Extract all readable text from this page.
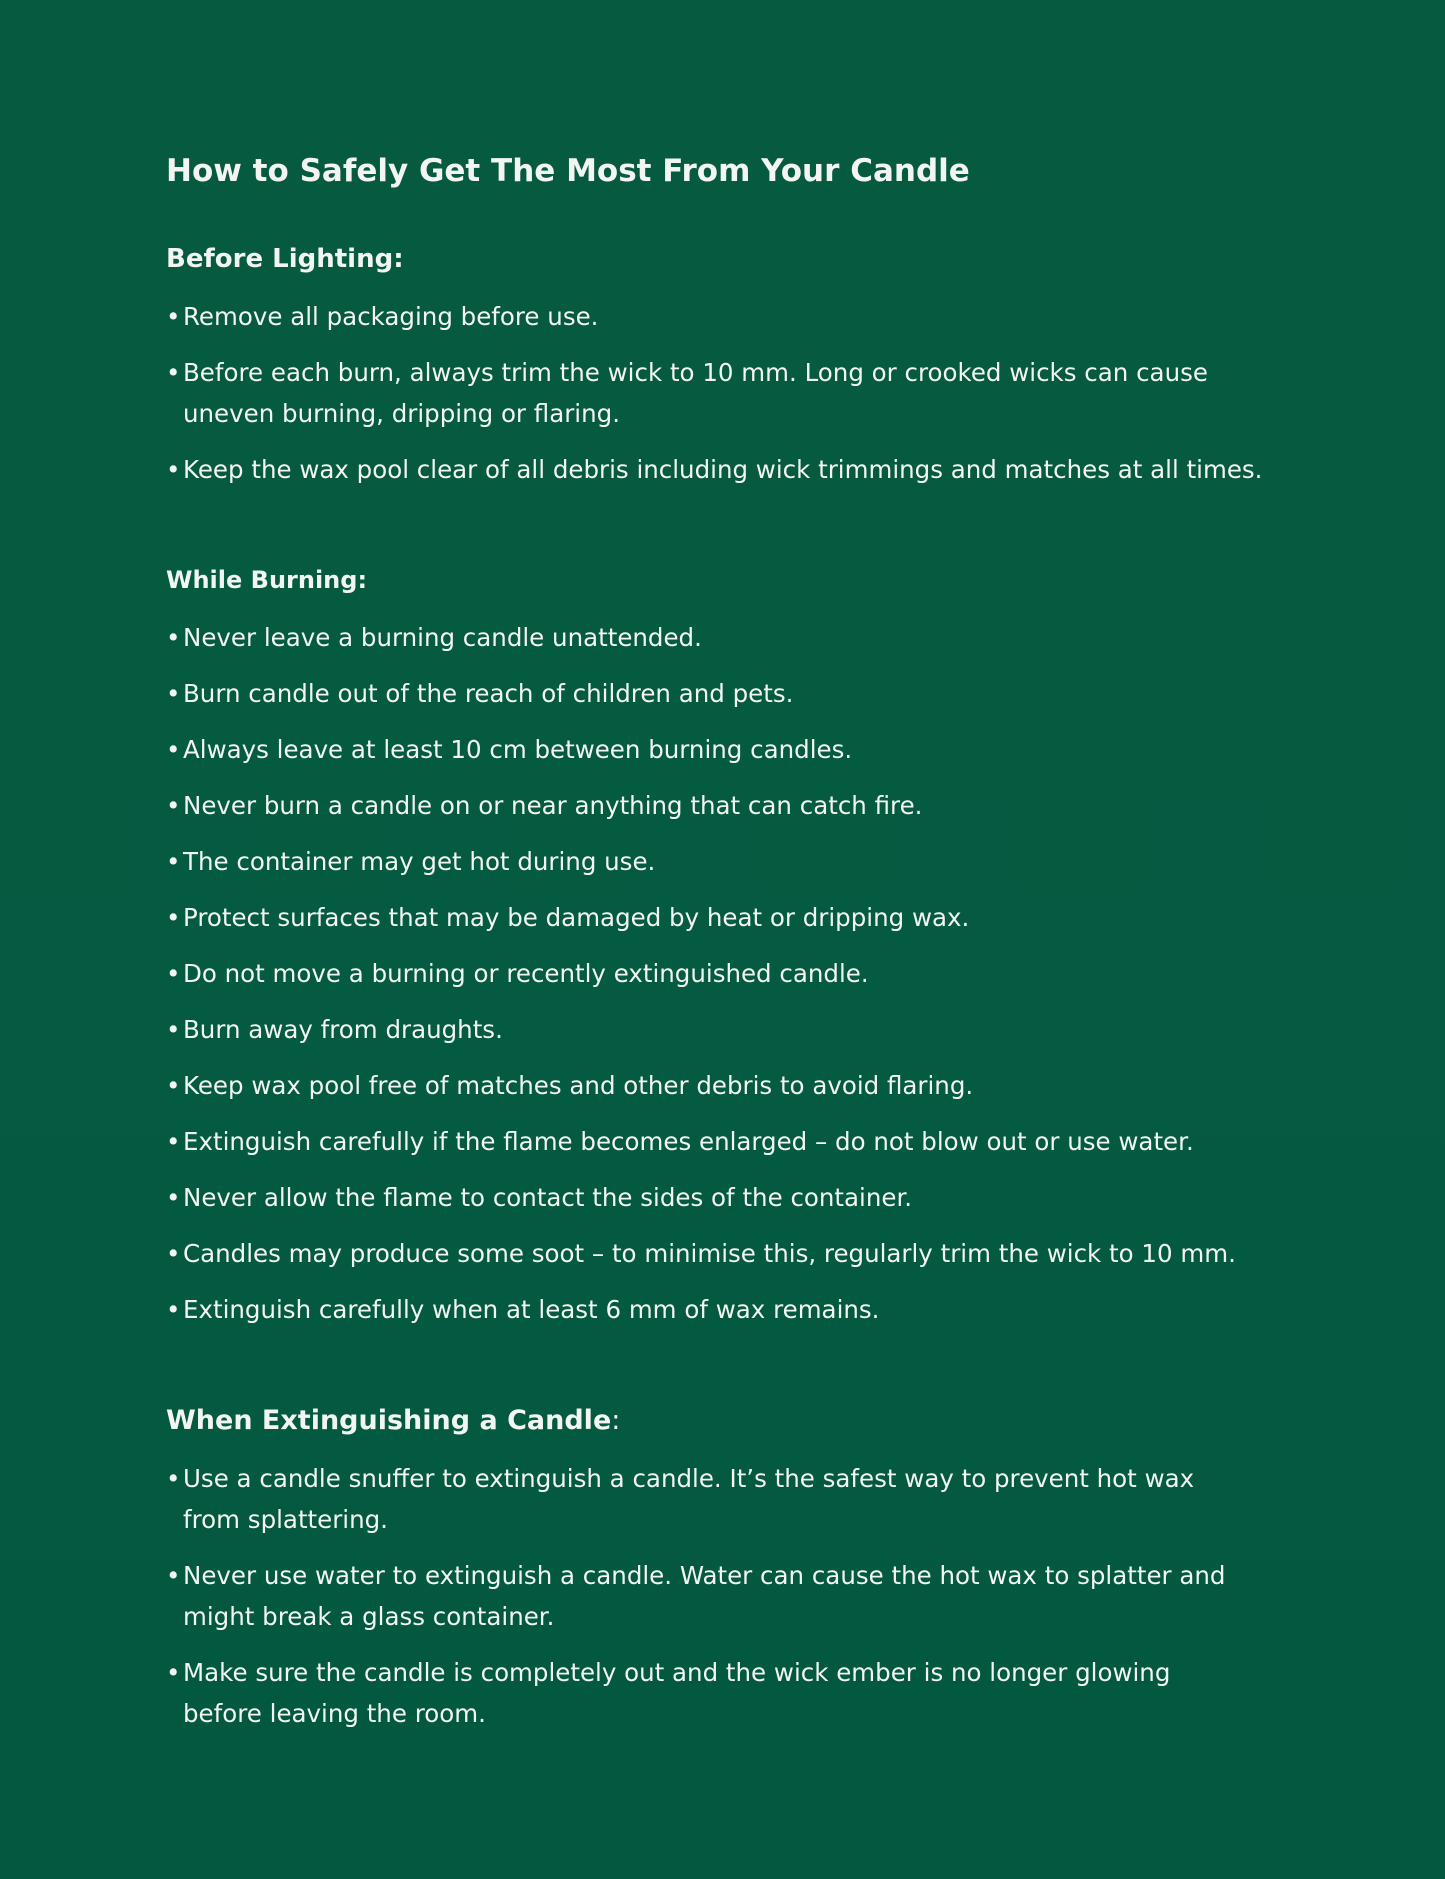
How to Safely Get The Most From Your Candle
Before Lighting:
• Remove all packaging before use.
• Before each burn, always trim the wick to 10 mm. Long or crooked wicks can cause uneven burning, dripping or flaring.
• Keep the wax pool clear of all debris including wick trimmings and matches at all times.
While Burning:
• Never leave a burning candle unattended.
• Burn candle out of the reach of children and pets.
• Always leave at least 10 cm between burning candles.
• Never burn a candle on or near anything that can catch fire.
• The container may get hot during use.
• Protect surfaces that may be damaged by heat or dripping wax.
• Do not move a burning or recently extinguished candle.
• Burn away from draughts.
• Keep wax pool free of matches and other debris to avoid flaring.
• Extinguish carefully if the flame becomes enlarged – do not blow out or use water.
• Never allow the flame to contact the sides of the container.
• Candles may produce some soot – to minimise this, regularly trim the wick to 10 mm.
• Extinguish carefully when at least 6 mm of wax remains.
When Extinguishing a Candle:
• Use a candle snuffer to extinguish a candle. It’s the safest way to prevent hot wax from splattering.
• Never use water to extinguish a candle. Water can cause the hot wax to splatter and might break a glass container.
• Make sure the candle is completely out and the wick ember is no longer glowing before leaving the room.
